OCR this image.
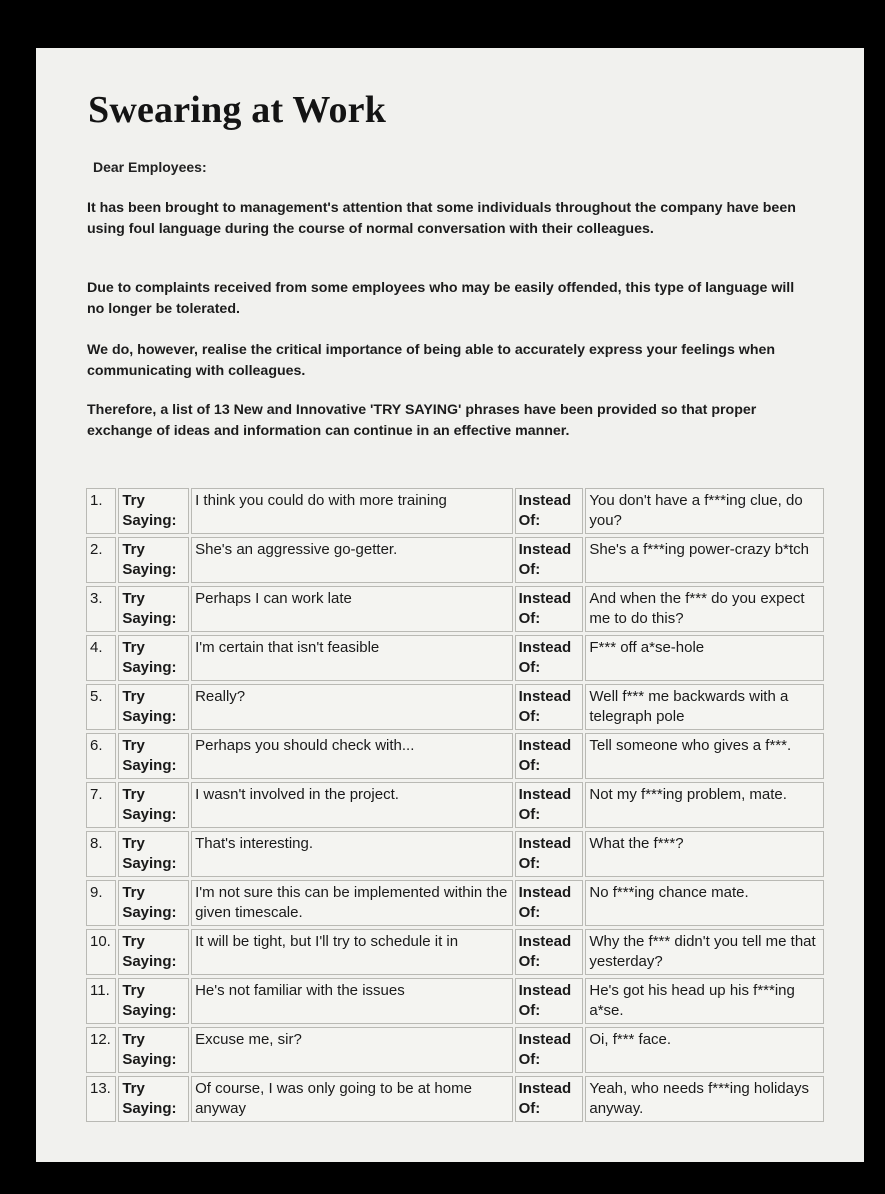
Swearing at Work
Dear Employees:
It has been brought to management's attention that some individuals throughout the company have been using foul language during the course of normal conversation with their colleagues.
Due to complaints received from some employees who may be easily offended, this type of language will no longer be tolerated.
We do, however, realise the critical importance of being able to accurately express your feelings when communicating with colleagues.
Therefore, a list of 13 New and Innovative 'TRY SAYING' phrases have been provided so that proper exchange of ideas and information can continue in an effective manner.
1.	Try Saying:	I think you could do with more training	Instead Of:	You don't have a f***ing clue, do you?
2.	Try Saying:	She's an aggressive go-getter.	Instead Of:	She's a f***ing power-crazy b*tch
3.	Try Saying:	Perhaps I can work late	Instead Of:	And when the f*** do you expect me to do this?
4.	Try Saying:	I'm certain that isn't feasible	Instead Of:	F*** off a*se-hole
5.	Try Saying:	Really?	Instead Of:	Well f*** me backwards with a telegraph pole
6.	Try Saying:	Perhaps you should check with...	Instead Of:	Tell someone who gives a f***.
7.	Try Saying:	I wasn't involved in the project.	Instead Of:	Not my f***ing problem, mate.
8.	Try Saying:	That's interesting.	Instead Of:	What the f***?
9.	Try Saying:	I'm not sure this can be implemented within the given timescale.	Instead Of:	No f***ing chance mate.
10.	Try Saying:	It will be tight, but I'll try to schedule it in	Instead Of:	Why the f*** didn't you tell me that yesterday?
11.	Try Saying:	He's not familiar with the issues	Instead Of:	He's got his head up his f***ing a*se.
12.	Try Saying:	Excuse me, sir?	Instead Of:	Oi, f*** face.
13.	Try Saying:	Of course, I was only going to be at home anyway	Instead Of:	Yeah, who needs f***ing holidays anyway.
